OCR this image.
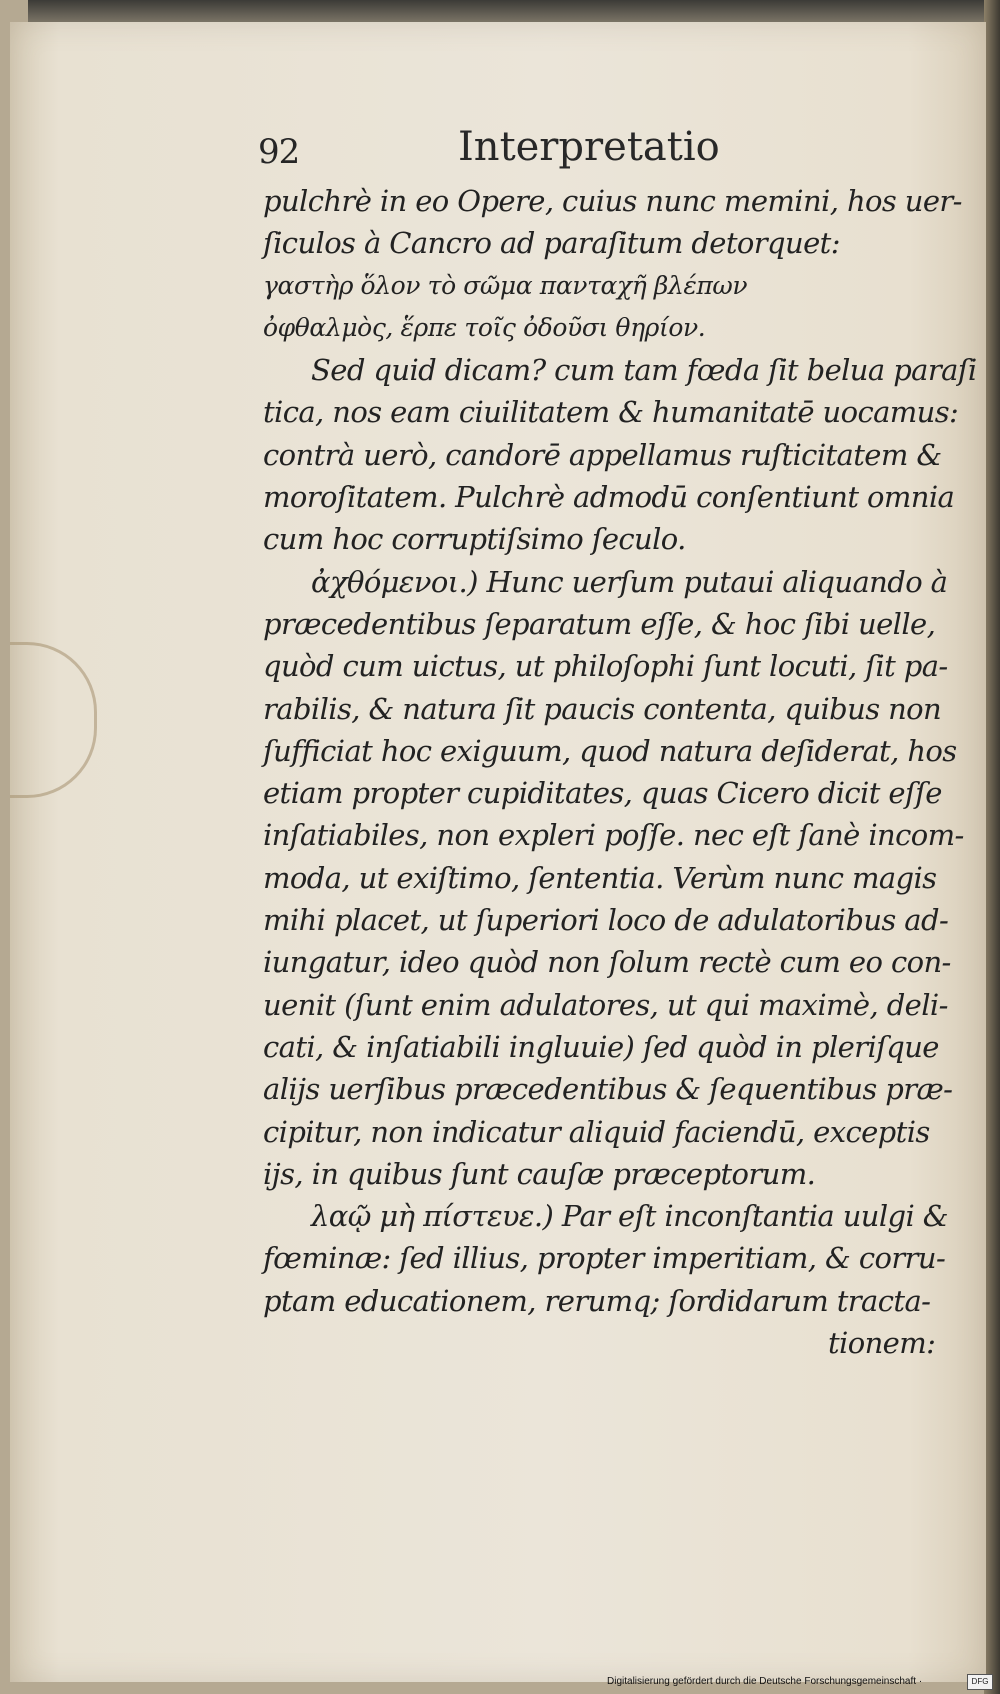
92	Interpretatio
pulchrè in eo Opere, cuius nunc memini, hos uer-
ſiculos à Cancro ad paraſitum detorquet:
γαστὴρ ὅλον τὸ σῶμα πανταχῆ βλέπων
ὀφθαλμὸς, ἕρπε τοῖς ὀδοῦσι θηρίον.
Sed quid dicam? cum tam fœda ſit belua paraſi
tica, nos eam ciuilitatem & humanitatē uocamus:
contrà uerò, candorē appellamus ruſticitatem &
moroſitatem. Pulchrè admodū conſentiunt omnia
cum hoc corruptiſsimo ſeculo.
ἀχθόμενοι.) Hunc uerſum putaui aliquando à
præcedentibus ſeparatum eſſe, & hoc ſibi uelle,
quòd cum uictus, ut philoſophi ſunt locuti, ſit pa-
rabilis, & natura ſit paucis contenta, quibus non
ſufficiat hoc exiguum, quod natura deſiderat, hos
etiam propter cupiditates, quas Cicero dicit eſſe
inſatiabiles, non expleri poſſe. nec eſt ſanè incom-
moda, ut exiſtimo, ſententia. Verùm nunc magis
mihi placet, ut ſuperiori loco de adulatoribus ad-
iungatur, ideo quòd non ſolum rectè cum eo con-
uenit (ſunt enim adulatores, ut qui maximè, deli-
cati, & inſatiabili ingluuie) ſed quòd in pleriſque
alijs uerſibus præcedentibus & ſequentibus præ-
cipitur, non indicatur aliquid faciendū, exceptis
ijs, in quibus ſunt cauſæ præceptorum.
λαῷ μὴ πίστευε.) Par eſt inconſtantia uulgi &
fœminæ: ſed illius, propter imperitiam, & corru-
ptam educationem, rerumq; ſordidarum tracta-
tionem:
Digitalisierung gefördert durch die Deutsche Forschungsgemeinschaft ·	DFG
